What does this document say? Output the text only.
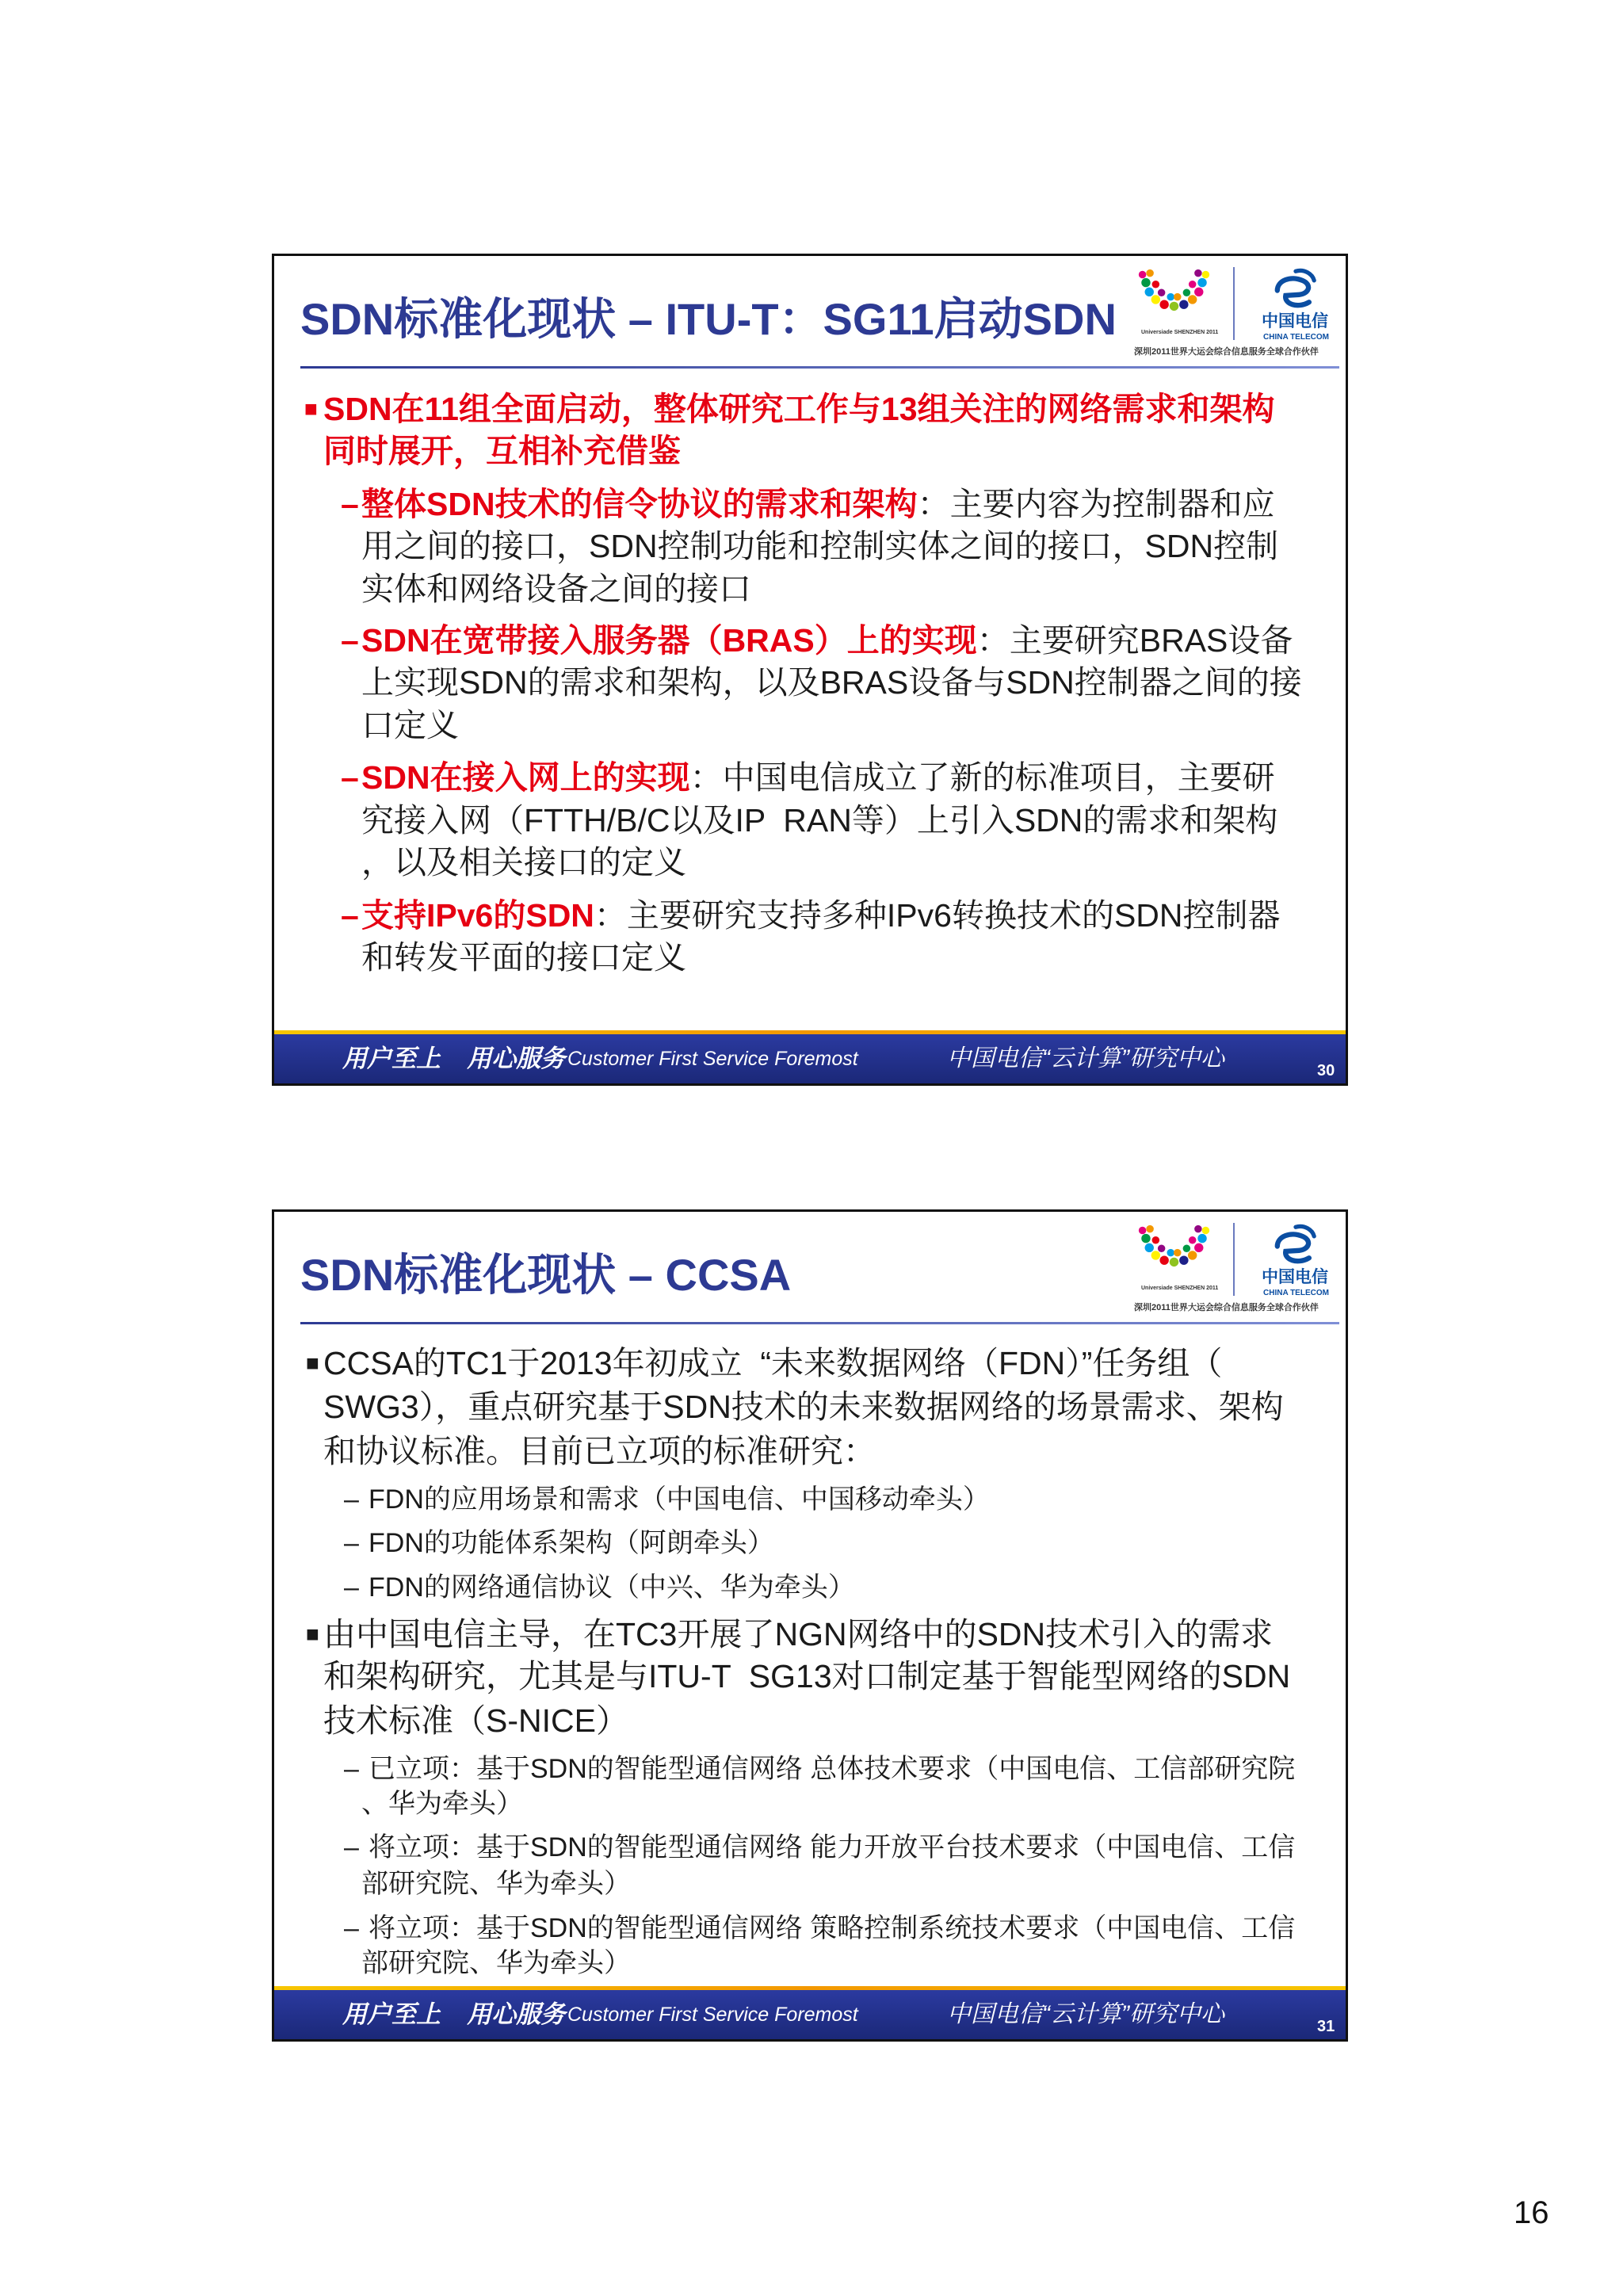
SDN标准化现状 – ITU-T：SG11启动SDN	Universiade SHENZHEN 2011
中国电信
CHINA TELECOM
深圳2011世界大运会综合信息服务全球合作伙伴
■ SDN在11组全面启动，整体研究工作与13组关注的网络需求和架构
同时展开，互相补充借鉴
– 整体SDN技术的信令协议的需求和架构：主要内容为控制器和应
用之间的接口，SDN控制功能和控制实体之间的接口，SDN控制
实体和网络设备之间的接口
– SDN在宽带接入服务器（BRAS）上的实现：主要研究BRAS设备
上实现SDN的需求和架构，以及BRAS设备与SDN控制器之间的接
口定义
– SDN在接入网上的实现：中国电信成立了新的标准项目，主要研
究接入网（FTTH/B/C以及IP  RAN等）上引入SDN的需求和架构
，以及相关接口的定义
– 支持IPv6的SDN：主要研究支持多种IPv6转换技术的SDN控制器
和转发平面的接口定义
用户至上  用心服务 Customer First Service Foremost	中国电信“云计算”研究中心	30
SDN标准化现状 – CCSA	Universiade SHENZHEN 2011
中国电信
CHINA TELECOM
深圳2011世界大运会综合信息服务全球合作伙伴
■ CCSA的TC1于2013年初成立  “未来数据网络（FDN）”任务组（
SWG3），重点研究基于SDN技术的未来数据网络的场景需求、架构
和协议标准。目前已立项的标准研究：
– FDN的应用场景和需求（中国电信、中国移动牵头）
– FDN的功能体系架构（阿朗牵头）
– FDN的网络通信协议（中兴、华为牵头）
■ 由中国电信主导，在TC3开展了NGN网络中的SDN技术引入的需求
和架构研究，尤其是与ITU-T  SG13对口制定基于智能型网络的SDN
技术标准（S-NICE）
– 已立项：基于SDN的智能型通信网络 总体技术要求（中国电信、工信部研究院
、华为牵头）
– 将立项：基于SDN的智能型通信网络 能力开放平台技术要求（中国电信、工信
部研究院、华为牵头）
– 将立项：基于SDN的智能型通信网络 策略控制系统技术要求（中国电信、工信
部研究院、华为牵头）
用户至上  用心服务 Customer First Service Foremost	中国电信“云计算”研究中心	31
16
